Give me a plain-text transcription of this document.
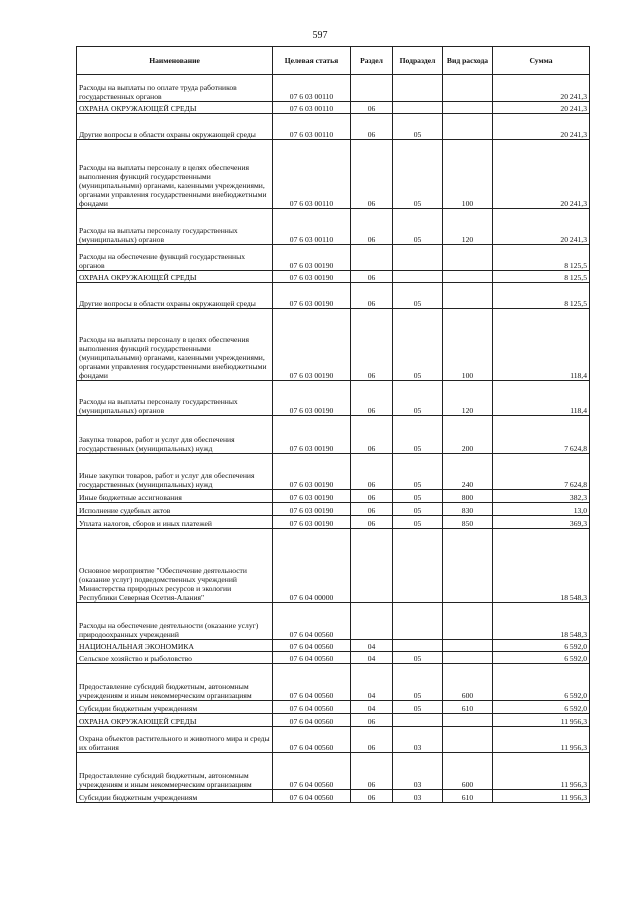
597
Наименование	Целевая статья	Раздел	Подраздел	Вид расхода	Сумма
Расходы на выплаты по оплате труда работников государственных органов	07 6 03 00110				20 241,3
ОХРАНА ОКРУЖАЮЩЕЙ СРЕДЫ	07 6 03 00110	06			20 241,3
Другие вопросы в области охраны окружающей среды	07 6 03 00110	06	05		20 241,3
Расходы на выплаты персоналу в целях обеспечения выполнения функций государственными (муниципальными) органами, казенными учреждениями, органами управления государственными внебюджетными фондами	07 6 03 00110	06	05	100	20 241,3
Расходы на выплаты персоналу государственных (муниципальных) органов	07 6 03 00110	06	05	120	20 241,3
Расходы на обеспечение функций государственных органов	07 6 03 00190				8 125,5
ОХРАНА ОКРУЖАЮЩЕЙ СРЕДЫ	07 6 03 00190	06			8 125,5
Другие вопросы в области охраны окружающей среды	07 6 03 00190	06	05		8 125,5
Расходы на выплаты персоналу в целях обеспечения выполнения функций государственными (муниципальными) органами, казенными учреждениями, органами управления государственными внебюджетными фондами	07 6 03 00190	06	05	100	118,4
Расходы на выплаты персоналу государственных (муниципальных) органов	07 6 03 00190	06	05	120	118,4
Закупка товаров, работ и услуг для обеспечения государственных (муниципальных) нужд	07 6 03 00190	06	05	200	7 624,8
Иные закупки товаров, работ и услуг для обеспечения государственных (муниципальных) нужд	07 6 03 00190	06	05	240	7 624,8
Иные бюджетные ассигнования	07 6 03 00190	06	05	800	382,3
Исполнение судебных актов	07 6 03 00190	06	05	830	13,0
Уплата налогов, сборов и иных платежей	07 6 03 00190	06	05	850	369,3
Основное мероприятие "Обеспечение деятельности (оказание услуг) подведомственных учреждений Министерства природных ресурсов и экологии Республики Северная Осетия-Алания"	07 6 04 00000				18 548,3
Расходы на обеспечение деятельности (оказание услуг) природоохранных учреждений	07 6 04 00560				18 548,3
НАЦИОНАЛЬНАЯ ЭКОНОМИКА	07 6 04 00560	04			6 592,0
Сельское хозяйство и рыболовство	07 6 04 00560	04	05		6 592,0
Предоставление субсидий бюджетным, автономным учреждениям и иным некоммерческим организациям	07 6 04 00560	04	05	600	6 592,0
Субсидии бюджетным учреждениям	07 6 04 00560	04	05	610	6 592,0
ОХРАНА ОКРУЖАЮЩЕЙ СРЕДЫ	07 6 04 00560	06			11 956,3
Охрана объектов растительного и животного мира и среды их обитания	07 6 04 00560	06	03		11 956,3
Предоставление субсидий бюджетным, автономным учреждениям и иным некоммерческим организациям	07 6 04 00560	06	03	600	11 956,3
Субсидии бюджетным учреждениям	07 6 04 00560	06	03	610	11 956,3
